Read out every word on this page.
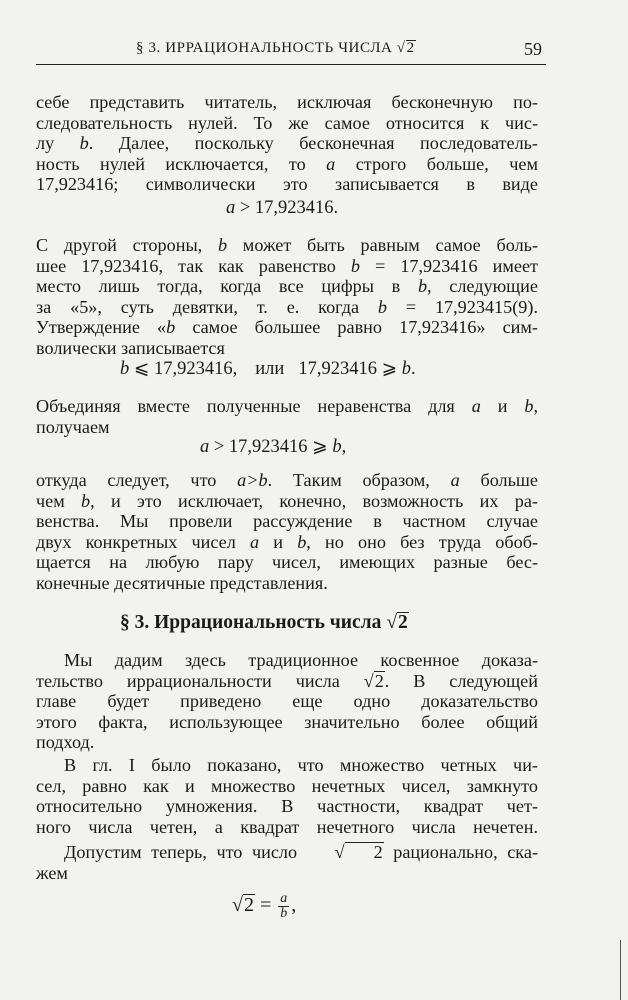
§ 3. ИРРАЦИОНАЛЬНОСТЬ ЧИСЛА √2	59
себе представить читатель, исключая бесконечную по-
следовательность нулей. То же самое относится к чис-
лу b. Далее, поскольку бесконечная последователь-
ность нулей исключается, то a строго больше, чем
17,923416; символически это записывается в виде
a > 17,923416.
С другой стороны, b может быть равным самое боль-
шее 17,923416, так как равенство b = 17,923416 имеет
место лишь тогда, когда все цифры в b, следующие
за «5», суть девятки, т. е. когда b = 17,923415(9).
Утверждение «b самое большее равно 17,923416» сим-
волически записывается
b ⩽ 17,923416, или 17,923416 ⩾ b.
Объединяя вместе полученные неравенства для a и b,
получаем
a > 17,923416 ⩾ b,
откуда следует, что a>b. Таким образом, a больше
чем b, и это исключает, конечно, возможность их ра-
венства. Мы провели рассуждение в частном случае
двух конкретных чисел a и b, но оно без труда обоб-
щается на любую пару чисел, имеющих разные бес-
конечные десятичные представления.
§ 3. Иррациональность числа √2
Мы дадим здесь традиционное косвенное доказа-
тельство иррациональности числа √2. В следующей
главе будет приведено еще одно доказательство
этого факта, использующее значительно более общий
подход.
В гл. I было показано, что множество четных чи-
сел, равно как и множество нечетных чисел, замкнуто
относительно умножения. В частности, квадрат чет-
ного числа четен, а квадрат нечетного числа нечетен.
Допустим теперь, что число √ 2 рационально, ска-
жем
$√2 = \frac{a}{b}$ ,
